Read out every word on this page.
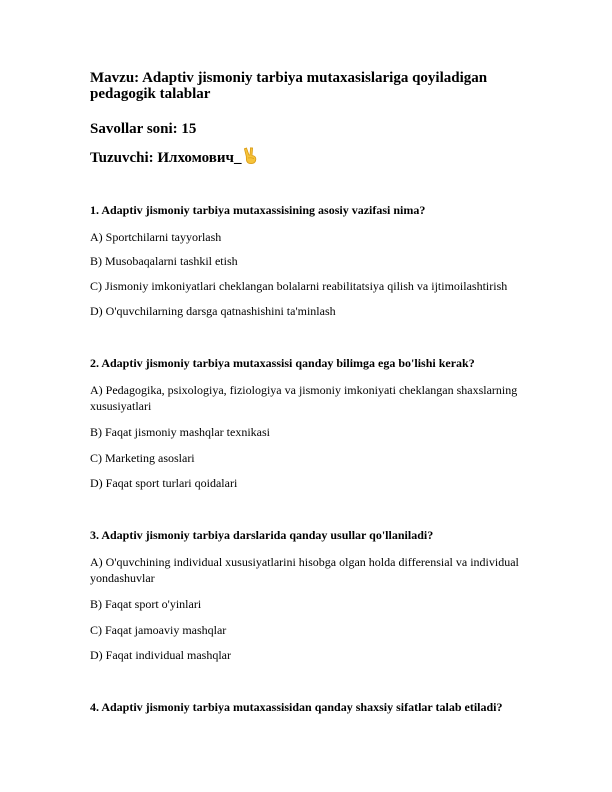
Mavzu: Adaptiv jismoniy tarbiya mutaxasislariga qoyiladigan
pedagogik talablar
Savollar soni: 15
Tuzuvchi: Илхомович_
1. Adaptiv jismoniy tarbiya mutaxassisining asosiy vazifasi nima?
A) Sportchilarni tayyorlash
B) Musobaqalarni tashkil etish
C) Jismoniy imkoniyatlari cheklangan bolalarni reabilitatsiya qilish va ijtimoilashtirish
D) O'quvchilarning darsga qatnashishini ta'minlash
2. Adaptiv jismoniy tarbiya mutaxassisi qanday bilimga ega bo'lishi kerak?
A) Pedagogika, psixologiya, fiziologiya va jismoniy imkoniyati cheklangan shaxslarning xususiyatlari
B) Faqat jismoniy mashqlar texnikasi
C) Marketing asoslari
D) Faqat sport turlari qoidalari
3. Adaptiv jismoniy tarbiya darslarida qanday usullar qo'llaniladi?
A) O'quvchining individual xususiyatlarini hisobga olgan holda differensial va individual yondashuvlar
B) Faqat sport o'yinlari
C) Faqat jamoaviy mashqlar
D) Faqat individual mashqlar
4. Adaptiv jismoniy tarbiya mutaxassisidan qanday shaxsiy sifatlar talab etiladi?
